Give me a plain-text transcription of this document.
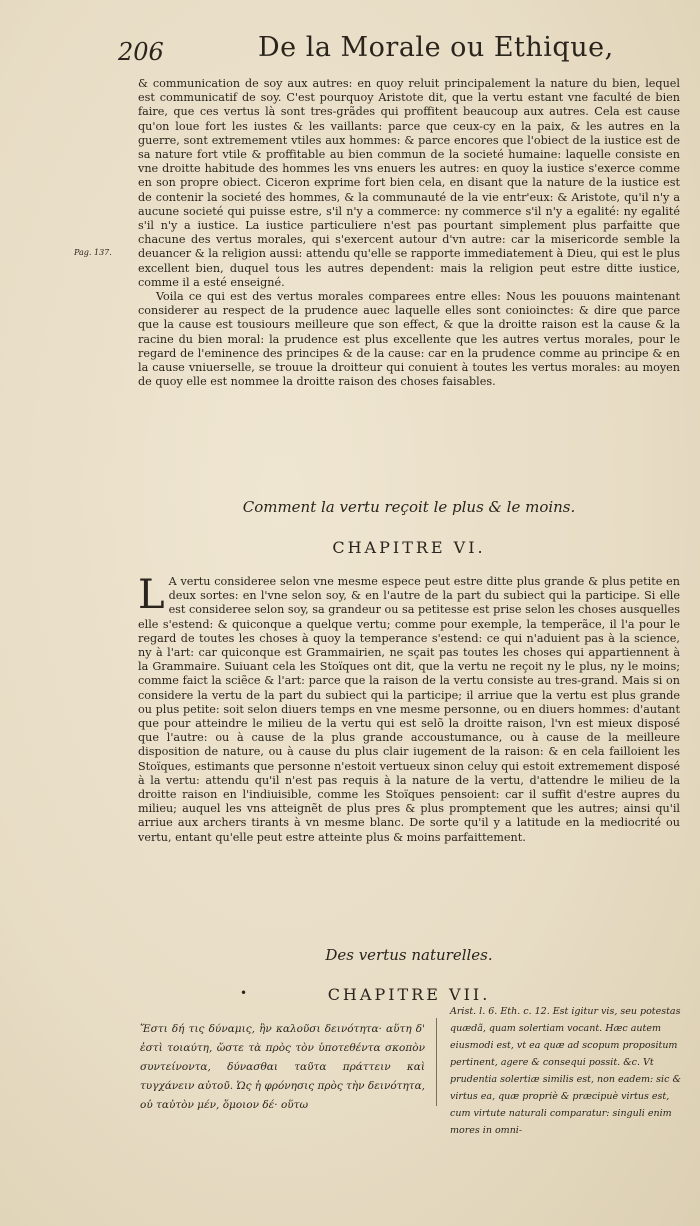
206	De la Morale ou Ethique,
Pag. 137.

& communication de soy aux autres: en quoy reluit principalement la nature du bien, lequel est communicatif de soy. C'est pourquoy Aristote dit, que la vertu estant vne faculté de bien faire, que ces vertus là sont tres-grãdes qui proffitent beaucoup aux autres. Cela est cause qu'on loue fort les iustes & les vaillants: parce que ceux-cy en la paix, & les autres en la guerre, sont extremement vtiles aux hommes: & parce encores que l'obiect de la iustice est de sa nature fort vtile & proffitable au bien commun de la societé humaine: laquelle consiste en vne droitte habitude des hommes les vns enuers les autres: en quoy la iustice s'exerce comme en son propre obiect. Ciceron exprime fort bien cela, en disant que la nature de la iustice est de contenir la societé des hommes, & la communauté de la vie entr'eux: & Aristote, qu'il n'y a aucune societé qui puisse estre, s'il n'y a commerce: ny commerce s'il n'y a egalité: ny egalité s'il n'y a iustice. La iustice particuliere n'est pas pourtant simplement plus parfaitte que chacune des vertus morales, qui s'exercent autour d'vn autre: car la misericorde semble la deuancer & la religion aussi: attendu qu'elle se rapporte immediatement à Dieu, qui est le plus excellent bien, duquel tous les autres dependent: mais la religion peut estre ditte iustice, comme il a esté enseigné.

Voila ce qui est des vertus morales comparees entre elles: Nous les pouuons maintenant considerer au respect de la prudence auec laquelle elles sont conioinctes: & dire que parce que la cause est tousiours meilleure que son effect, & que la droitte raison est la cause & la racine du bien moral: la prudence est plus excellente que les autres vertus morales, pour le regard de l'eminence des principes & de la cause: car en la prudence comme au principe & en la cause vniuerselle, se trouue la droitteur qui conuient à toutes les vertus morales: au moyen de quoy elle est nommee la droitte raison des choses faisables.

Comment la vertu reçoit le plus & le moins.
CHAPITRE VI.
L A vertu consideree selon vne mesme espece peut estre ditte plus grande & plus petite en deux sortes: en l'vne selon soy, & en l'autre de la part du subiect qui la participe. Si elle est consideree selon soy, sa grandeur ou sa petitesse est prise selon les choses ausquelles elle s'estend: & quiconque a quelque vertu; comme pour exemple, la temperãce, il l'a pour le regard de toutes les choses à quoy la temperance s'estend: ce qui n'aduient pas à la science, ny à l'art: car quiconque est Grammairien, ne sçait pas toutes les choses qui appartiennent à la Grammaire. Suiuant cela les Stoïques ont dit, que la vertu ne reçoit ny le plus, ny le moins; comme faict la sciẽce & l'art: parce que la raison de la vertu consiste au tres-grand. Mais si on considere la vertu de la part du subiect qui la participe; il arriue que la vertu est plus grande ou plus petite: soit selon diuers temps en vne mesme personne, ou en diuers hommes: d'autant que pour atteindre le milieu de la vertu qui est selõ la droitte raison, l'vn est mieux disposé que l'autre: ou à cause de la plus grande accoustumance, ou à cause de la meilleure disposition de nature, ou à cause du plus clair iugement de la raison: & en cela failloient les Stoïques, estimants que personne n'estoit vertueux sinon celuy qui estoit extremement disposé à la vertu: attendu qu'il n'est pas requis à la nature de la vertu, d'attendre le milieu de la droitte raison en l'indiuisible, comme les Stoïques pensoient: car il suffit d'estre aupres du milieu; auquel les vns atteignẽt de plus pres & plus promptement que les autres; ainsi qu'il arriue aux archers tirants à vn mesme blanc. De sorte qu'il y a latitude en la mediocrité ou vertu, entant qu'elle peut estre atteinte plus & moins parfaittement.
Des vertus naturelles.
•	CHAPITRE VII.
Ἔστι δή τις δύναμις, ἣν καλοῦσι δεινότητα· αὕτη δ' ἐστὶ τοιαύτη, ὥστε τὰ πρὸς τὸν ὑποτεθέντα σκοπὸν συντείνοντα, δύνασθαι ταῦτα πράττειν καὶ τυγχάνειν αὐτοῦ. Ὡς ἡ φρόνησις πρὸς τὴν δεινότητα, οὐ ταὐτὸν μέν, ὅμοιον δέ· οὕτω
Arist. l. 6. Eth. c. 12. Est igitur vis, seu potestas quædã, quam solertiam vocant. Hæc autem eiusmodi est, vt ea quæ ad scopum propositum pertinent, agere & consequi possit. &c. Vt prudentia solertiæ similis est, non eadem: sic & virtus ea, quæ propriè & præcipuè virtus est, cum virtute naturali comparatur: singuli enim mores in omni-
